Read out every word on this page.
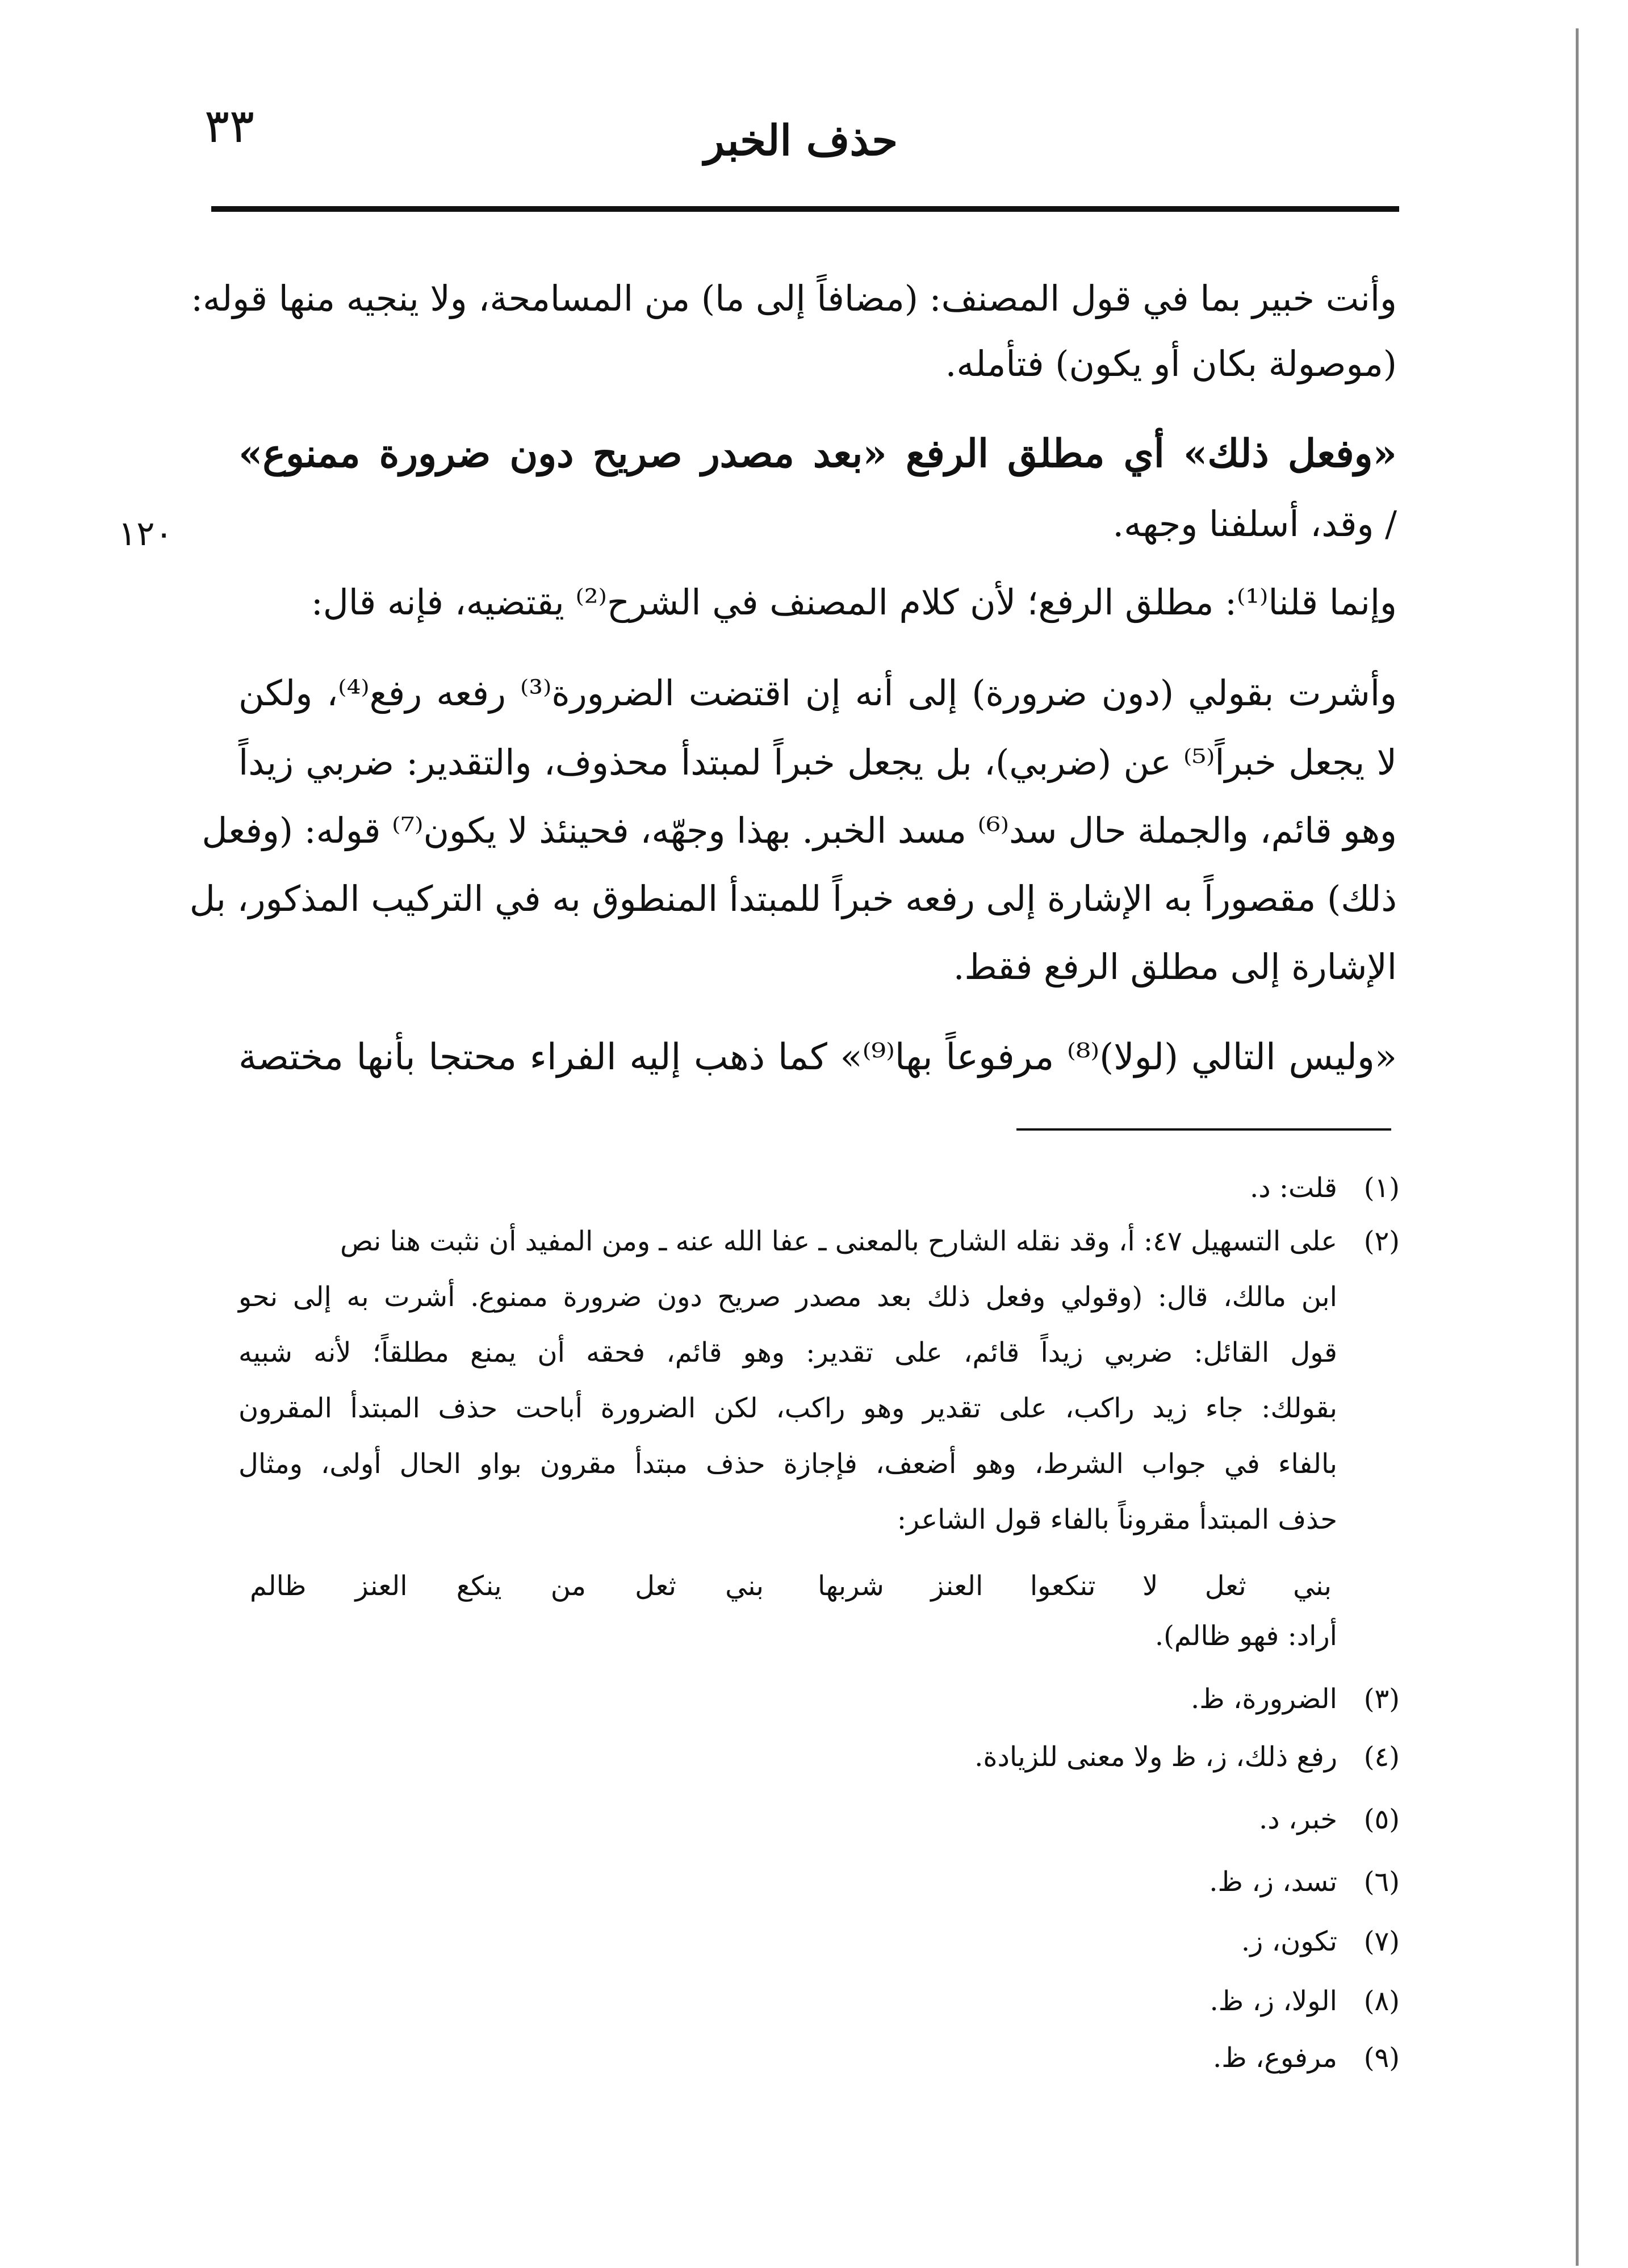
٣٣	حذف الخبر
١٢٠
وأنت خبير بما في قول المصنف: (مضافاً إلى ما) من المسامحة، ولا ينجيه منها قوله:
(موصولة بكان أو يكون) فتأمله.
«وفعل ذلك» أي مطلق الرفع «بعد مصدر صريح دون ضرورة ممنوع»
/ وقد، أسلفنا وجهه.
وإنما قلنا⁽¹⁾: مطلق الرفع؛ لأن كلام المصنف في الشرح⁽²⁾ يقتضيه، فإنه قال:
وأشرت بقولي (دون ضرورة) إلى أنه إن اقتضت الضرورة⁽³⁾ رفعه رفع⁽⁴⁾، ولكن
لا يجعل خبراً⁽⁵⁾ عن (ضربي)، بل يجعل خبراً لمبتدأ محذوف، والتقدير: ضربي زيداً
وهو قائم، والجملة حال سد⁽⁶⁾ مسد الخبر. بهذا وجهّه، فحينئذ لا يكون⁽⁷⁾ قوله: (وفعل
ذلك) مقصوراً به الإشارة إلى رفعه خبراً للمبتدأ المنطوق به في التركيب المذكور، بل
الإشارة إلى مطلق الرفع فقط.
«وليس التالي (لولا)⁽⁸⁾ مرفوعاً بها⁽⁹⁾» كما ذهب إليه الفراء محتجا بأنها مختصة
(١)قلت: د.
(٢)على التسهيل ٤٧: أ، وقد نقله الشارح بالمعنى ـ عفا الله عنه ـ ومن المفيد أن نثبت هنا نص
ابن مالك، قال: (وقولي وفعل ذلك بعد مصدر صريح دون ضرورة ممنوع. أشرت به إلى نحو
قول القائل: ضربي زيداً قائم، على تقدير: وهو قائم، فحقه أن يمنع مطلقاً؛ لأنه شبيه
بقولك: جاء زيد راكب، على تقدير وهو راكب، لكن الضرورة أباحت حذف المبتدأ المقرون
بالفاء في جواب الشرط، وهو أضعف، فإجازة حذف مبتدأ مقرون بواو الحال أولى، ومثال
حذف المبتدأ مقروناً بالفاء قول الشاعر:
بني ثعل لا تنكعوا العنز شربها
بني ثعل من ينكع العنز ظالم
أراد: فهو ظالم).
(٣)الضرورة، ظ.
(٤)رفع ذلك، ز، ظ ولا معنى للزيادة.
(٥)خبر، د.
(٦)تسد، ز، ظ.
(٧)تكون، ز.
(٨)الولا، ز، ظ.
(٩)مرفوع، ظ.
